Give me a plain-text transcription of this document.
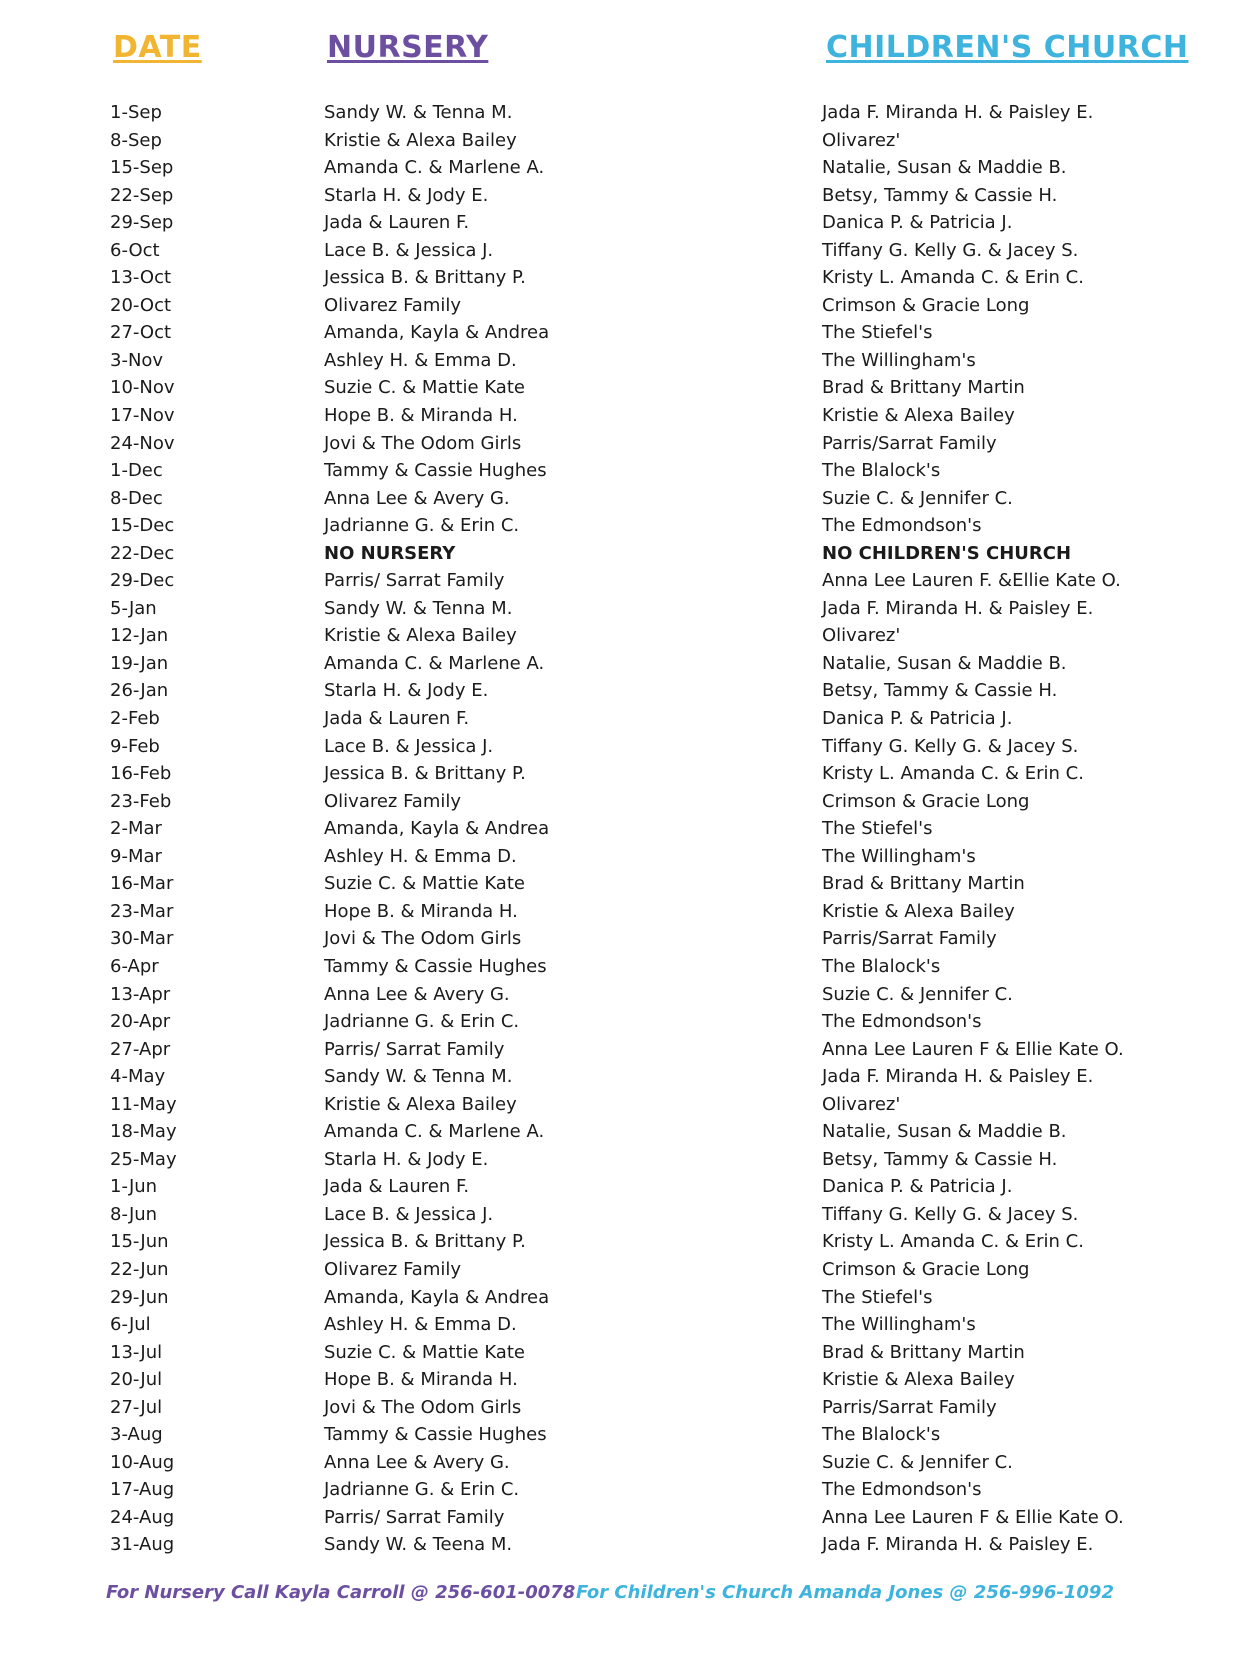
DATE	NURSERY	CHILDREN'S CHURCH
1-Sep	Sandy W. & Tenna M.	Jada F. Miranda H. & Paisley E.
8-Sep	Kristie & Alexa Bailey	Olivarez'
15-Sep	Amanda C. & Marlene A.	Natalie, Susan & Maddie B.
22-Sep	Starla H. & Jody E.	Betsy, Tammy & Cassie H.
29-Sep	Jada & Lauren F.	Danica P. & Patricia J.
6-Oct	Lace B. & Jessica J.	Tiffany G. Kelly G. & Jacey S.
13-Oct	Jessica B. & Brittany P.	Kristy L. Amanda C. & Erin C.
20-Oct	Olivarez Family	Crimson & Gracie Long
27-Oct	Amanda, Kayla & Andrea	The Stiefel's
3-Nov	Ashley H. & Emma D.	The Willingham's
10-Nov	Suzie C. & Mattie Kate	Brad & Brittany Martin
17-Nov	Hope B. & Miranda H.	Kristie & Alexa Bailey
24-Nov	Jovi & The Odom Girls	Parris/Sarrat Family
1-Dec	Tammy & Cassie Hughes	The Blalock's
8-Dec	Anna Lee & Avery G.	Suzie C. & Jennifer C.
15-Dec	Jadrianne G. & Erin C.	The Edmondson's
22-Dec	NO NURSERY	NO CHILDREN'S CHURCH
29-Dec	Parris/ Sarrat Family	Anna Lee Lauren F. &Ellie Kate O.
5-Jan	Sandy W. & Tenna M.	Jada F. Miranda H. & Paisley E.
12-Jan	Kristie & Alexa Bailey	Olivarez'
19-Jan	Amanda C. & Marlene A.	Natalie, Susan & Maddie B.
26-Jan	Starla H. & Jody E.	Betsy, Tammy & Cassie H.
2-Feb	Jada & Lauren F.	Danica P. & Patricia J.
9-Feb	Lace B. & Jessica J.	Tiffany G. Kelly G. & Jacey S.
16-Feb	Jessica B. & Brittany P.	Kristy L. Amanda C. & Erin C.
23-Feb	Olivarez Family	Crimson & Gracie Long
2-Mar	Amanda, Kayla & Andrea	The Stiefel's
9-Mar	Ashley H. & Emma D.	The Willingham's
16-Mar	Suzie C. & Mattie Kate	Brad & Brittany Martin
23-Mar	Hope B. & Miranda H.	Kristie & Alexa Bailey
30-Mar	Jovi & The Odom Girls	Parris/Sarrat Family
6-Apr	Tammy & Cassie Hughes	The Blalock's
13-Apr	Anna Lee & Avery G.	Suzie C. & Jennifer C.
20-Apr	Jadrianne G. & Erin C.	The Edmondson's
27-Apr	Parris/ Sarrat Family	Anna Lee Lauren F & Ellie Kate O.
4-May	Sandy W. & Tenna M.	Jada F. Miranda H. & Paisley E.
11-May	Kristie & Alexa Bailey	Olivarez'
18-May	Amanda C. & Marlene A.	Natalie, Susan & Maddie B.
25-May	Starla H. & Jody E.	Betsy, Tammy & Cassie H.
1-Jun	Jada & Lauren F.	Danica P. & Patricia J.
8-Jun	Lace B. & Jessica J.	Tiffany G. Kelly G. & Jacey S.
15-Jun	Jessica B. & Brittany P.	Kristy L. Amanda C. & Erin C.
22-Jun	Olivarez Family	Crimson & Gracie Long
29-Jun	Amanda, Kayla & Andrea	The Stiefel's
6-Jul	Ashley H. & Emma D.	The Willingham's
13-Jul	Suzie C. & Mattie Kate	Brad & Brittany Martin
20-Jul	Hope B. & Miranda H.	Kristie & Alexa Bailey
27-Jul	Jovi & The Odom Girls	Parris/Sarrat Family
3-Aug	Tammy & Cassie Hughes	The Blalock's
10-Aug	Anna Lee & Avery G.	Suzie C. & Jennifer C.
17-Aug	Jadrianne G. & Erin C.	The Edmondson's
24-Aug	Parris/ Sarrat Family	Anna Lee Lauren F & Ellie Kate O.
31-Aug	Sandy W. & Teena M.	Jada F. Miranda H. & Paisley E.
For Nursery Call Kayla Carroll @ 256-601-0078 For Children's Church Amanda Jones @ 256-996-1092
